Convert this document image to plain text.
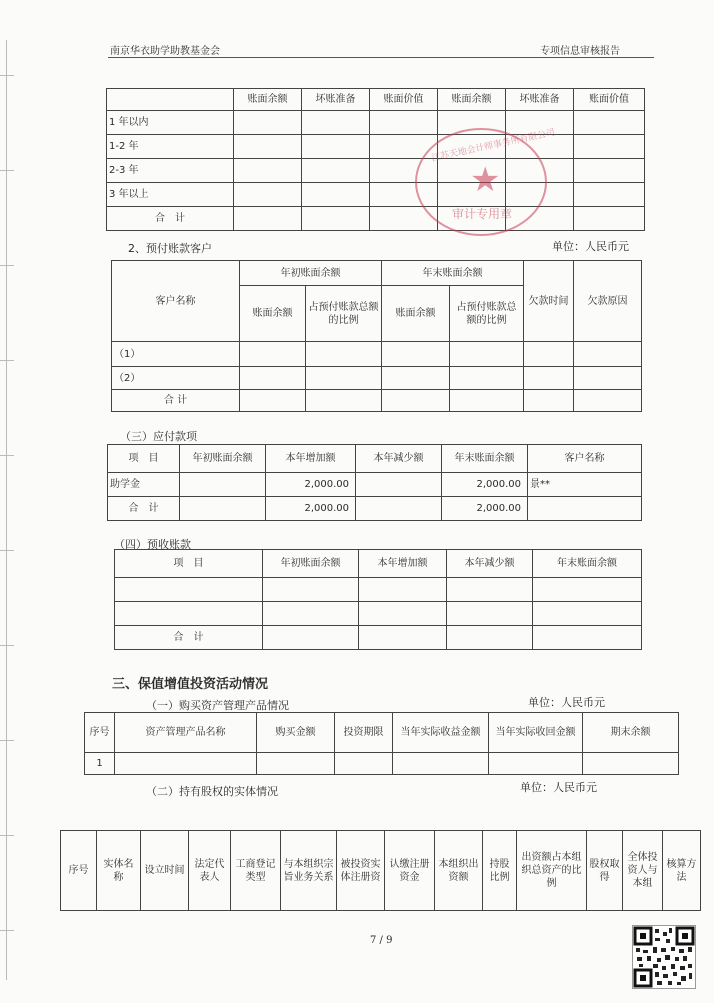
南京华衣助学助教基金会	专项信息审核报告
	账面余额	坏账准备	账面价值	账面余额	坏账准备	账面价值
1 年以内						
1-2 年						
2-3 年						
3 年以上						
合　计						
★
审计专用章
江苏天地会计师事务所有限公司
2、预付账款客户	单位：人民币元
客户名称	年初账面余额		年末账面余额		欠款时间	欠款原因
	账面余额	占预付账款总额的比例	账面余额	占预付账款总额的比例		
（1）						
（2）						
合 计						
（三）应付款项
项　目	年初账面余额	本年增加额	本年减少额	年末账面余额	客户名称
助学金		2,000.00		2,000.00	景**
合　计		2,000.00		2,000.00	
（四）预收账款
项　目	年初账面余额	本年增加额	本年减少额	年末账面余额

合　计				
三、保值增值投资活动情况
（一）购买资产管理产品情况	单位：人民币元
序号	资产管理产品名称	购买金额	投资期限	当年实际收益金额	当年实际收回金额	期末余额
1						
（二）持有股权的实体情况	单位：人民币元
序号	实体名称	设立时间	法定代表人	工商登记类型	与本组织宗旨业务关系	被投资实体注册资	认缴注册资金	本组织出资额	持股比例	出资额占本组织总资产的比例	股权取得	全体投资人与本组	核算方法
7 / 9
